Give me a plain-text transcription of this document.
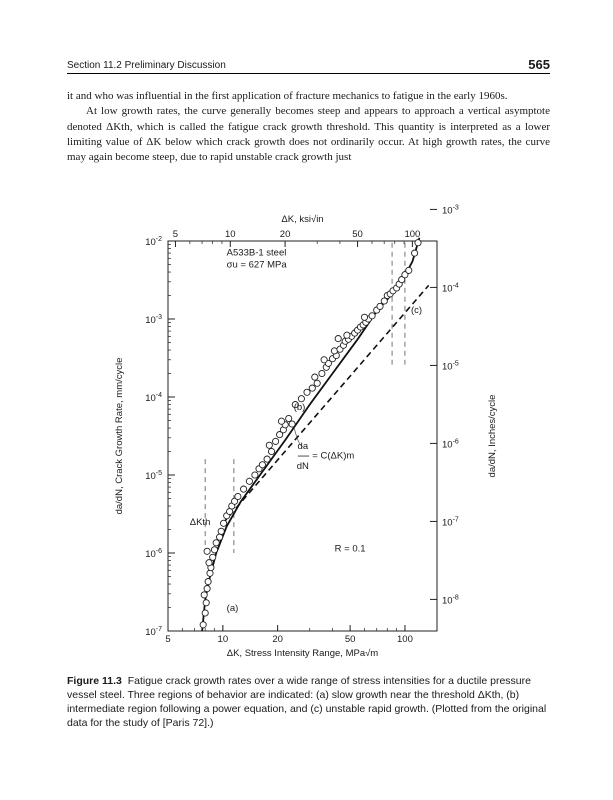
Section 11.2 Preliminary Discussion	565

it and who was influential in the first application of fracture mechanics to fatigue in the early 1960s.

At low growth rates, the curve generally becomes steep and appears to approach a vertical asymptote denoted ΔKth, which is called the fatigue crack growth threshold. This quantity is interpreted as a lower limiting value of ΔK below which crack growth does not ordinarily occur. At high growth rates, the curve may again become steep, due to rapid unstable crack growth just

5	10	20	50	100
5	10	20	50	100
$10^{-7}$
$10^{-6}$
$10^{-5}$
$10^{-4}$
$10^{-3}$
$10^{-2}$
$10^{-8}$
$10^{-7}$
$10^{-6}$
$10^{-5}$
$10^{-4}$
$10^{-3}$
ΔK, Stress Intensity Range, MPa√m
ΔK, ksi√in
da/dN, Crack Growth Rate, mm/cycle	da/dN, Inches/cycle
A533B-1 steel
σu = 627 MPa
ΔKth
(a)
(b)
(c)
da
dN
= C(ΔK)m
R = 0.1
Figure 11.3 Fatigue crack growth rates over a wide range of stress intensities for a ductile pressure vessel steel. Three regions of behavior are indicated: (a) slow growth near the threshold ΔKth, (b) intermediate region following a power equation, and (c) unstable rapid growth. (Plotted from the original data for the study of [Paris 72].)
